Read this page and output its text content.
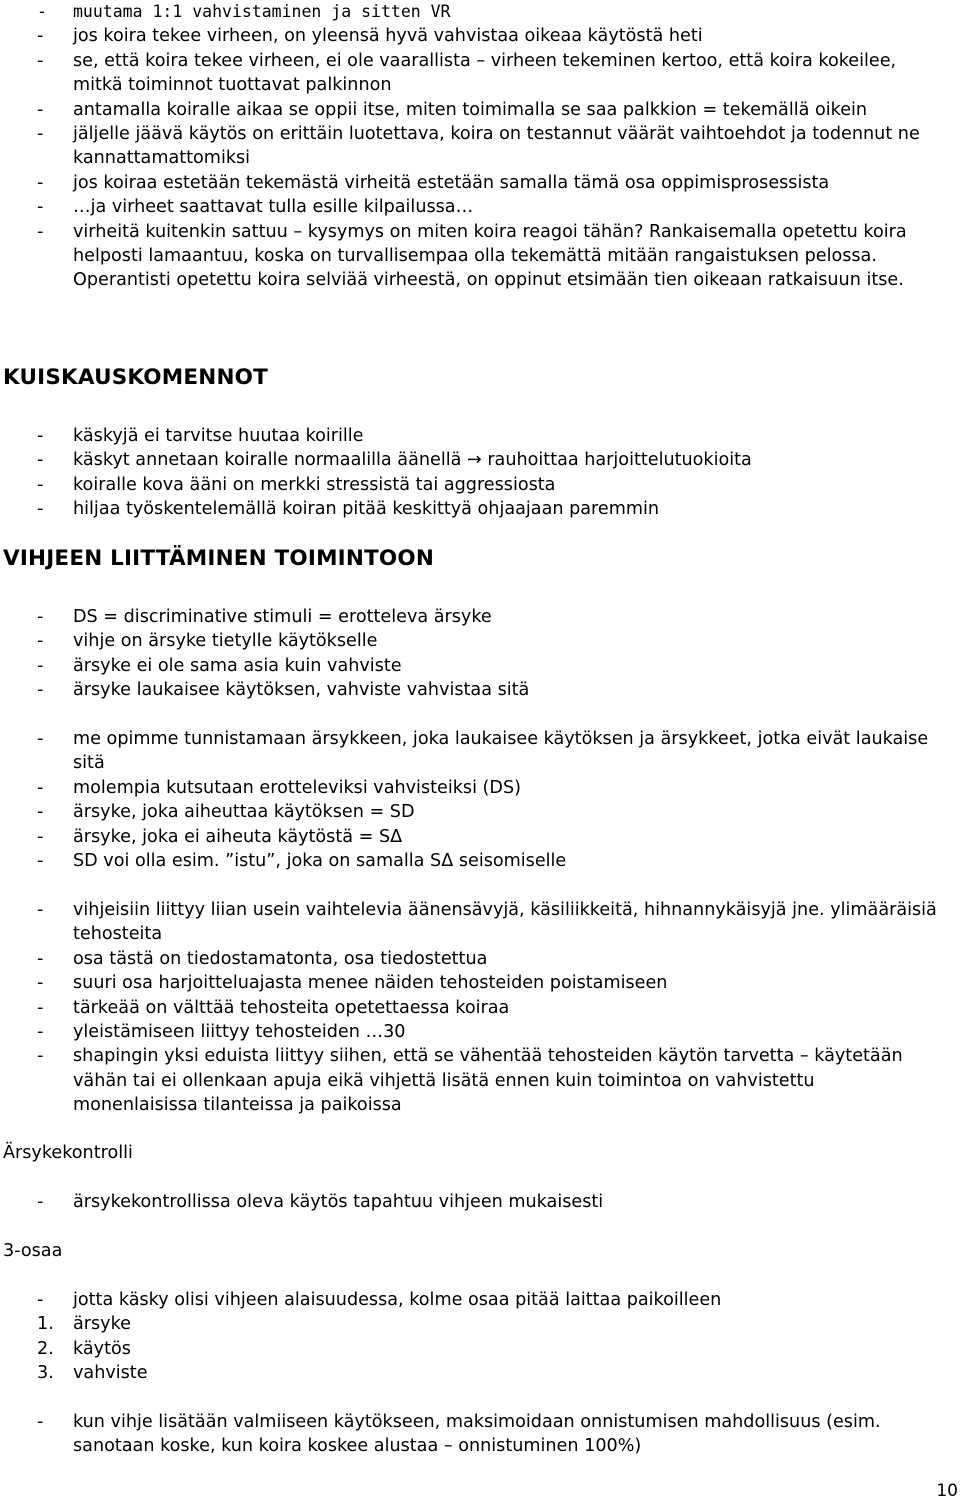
- muutama 1:1 vahvistaminen ja sitten VR
- jos koira tekee virheen, on yleensä hyvä vahvistaa oikeaa käytöstä heti
- se, että koira tekee virheen, ei ole vaarallista – virheen tekeminen kertoo, että koira kokeilee, mitkä toiminnot tuottavat palkinnon
- antamalla koiralle aikaa se oppii itse, miten toimimalla se saa palkkion = tekemällä oikein
- jäljelle jäävä käytös on erittäin luotettava, koira on testannut väärät vaihtoehdot ja todennut ne kannattamattomiksi
- jos koiraa estetään tekemästä virheitä estetään samalla tämä osa oppimisprosessista
- …ja virheet saattavat tulla esille kilpailussa…
- virheitä kuitenkin sattuu – kysymys on miten koira reagoi tähän? Rankaisemalla opetettu koira helposti lamaantuu, koska on turvallisempaa olla tekemättä mitään rangaistuksen pelossa. Operantisti opetettu koira selviää virheestä, on oppinut etsimään tien oikeaan ratkaisuun itse.
KUISKAUSKOMENNOT
- käskyjä ei tarvitse huutaa koirille
- käskyt annetaan koiralle normaalilla äänellä → rauhoittaa harjoittelutuokioita
- koiralle kova ääni on merkki stressistä tai aggressiosta
- hiljaa työskentelemällä koiran pitää keskittyä ohjaajaan paremmin
VIHJEEN LIITTÄMINEN TOIMINTOON
- DS = discriminative stimuli = erotteleva ärsyke
- vihje on ärsyke tietylle käytökselle
- ärsyke ei ole sama asia kuin vahviste
- ärsyke laukaisee käytöksen, vahviste vahvistaa sitä
- me opimme tunnistamaan ärsykkeen, joka laukaisee käytöksen ja ärsykkeet, jotka eivät laukaise sitä
- molempia kutsutaan erotteleviksi vahvisteiksi (DS)
- ärsyke, joka aiheuttaa käytöksen = SD
- ärsyke, joka ei aiheuta käytöstä = SΔ
- SD voi olla esim. ”istu”, joka on samalla SΔ seisomiselle
- vihjeisiin liittyy liian usein vaihtelevia äänensävyjä, käsiliikkeitä, hihnannykäisyjä jne. ylimääräisiä tehosteita
- osa tästä on tiedostamatonta, osa tiedostettua
- suuri osa harjoitteluajasta menee näiden tehosteiden poistamiseen
- tärkeää on välttää tehosteita opetettaessa koiraa
- yleistämiseen liittyy tehosteiden …30
- shapingin yksi eduista liittyy siihen, että se vähentää tehosteiden käytön tarvetta – käytetään vähän tai ei ollenkaan apuja eikä vihjettä lisätä ennen kuin toimintoa on vahvistettu monenlaisissa tilanteissa ja paikoissa
Ärsykekontrolli
- ärsykekontrollissa oleva käytös tapahtuu vihjeen mukaisesti
3-osaa
- jotta käsky olisi vihjeen alaisuudessa, kolme osaa pitää laittaa paikoilleen
1. ärsyke
2. käytös
3. vahviste
- kun vihje lisätään valmiiseen käytökseen, maksimoidaan onnistumisen mahdollisuus (esim. sanotaan koske, kun koira koskee alustaa – onnistuminen 100%)
10
